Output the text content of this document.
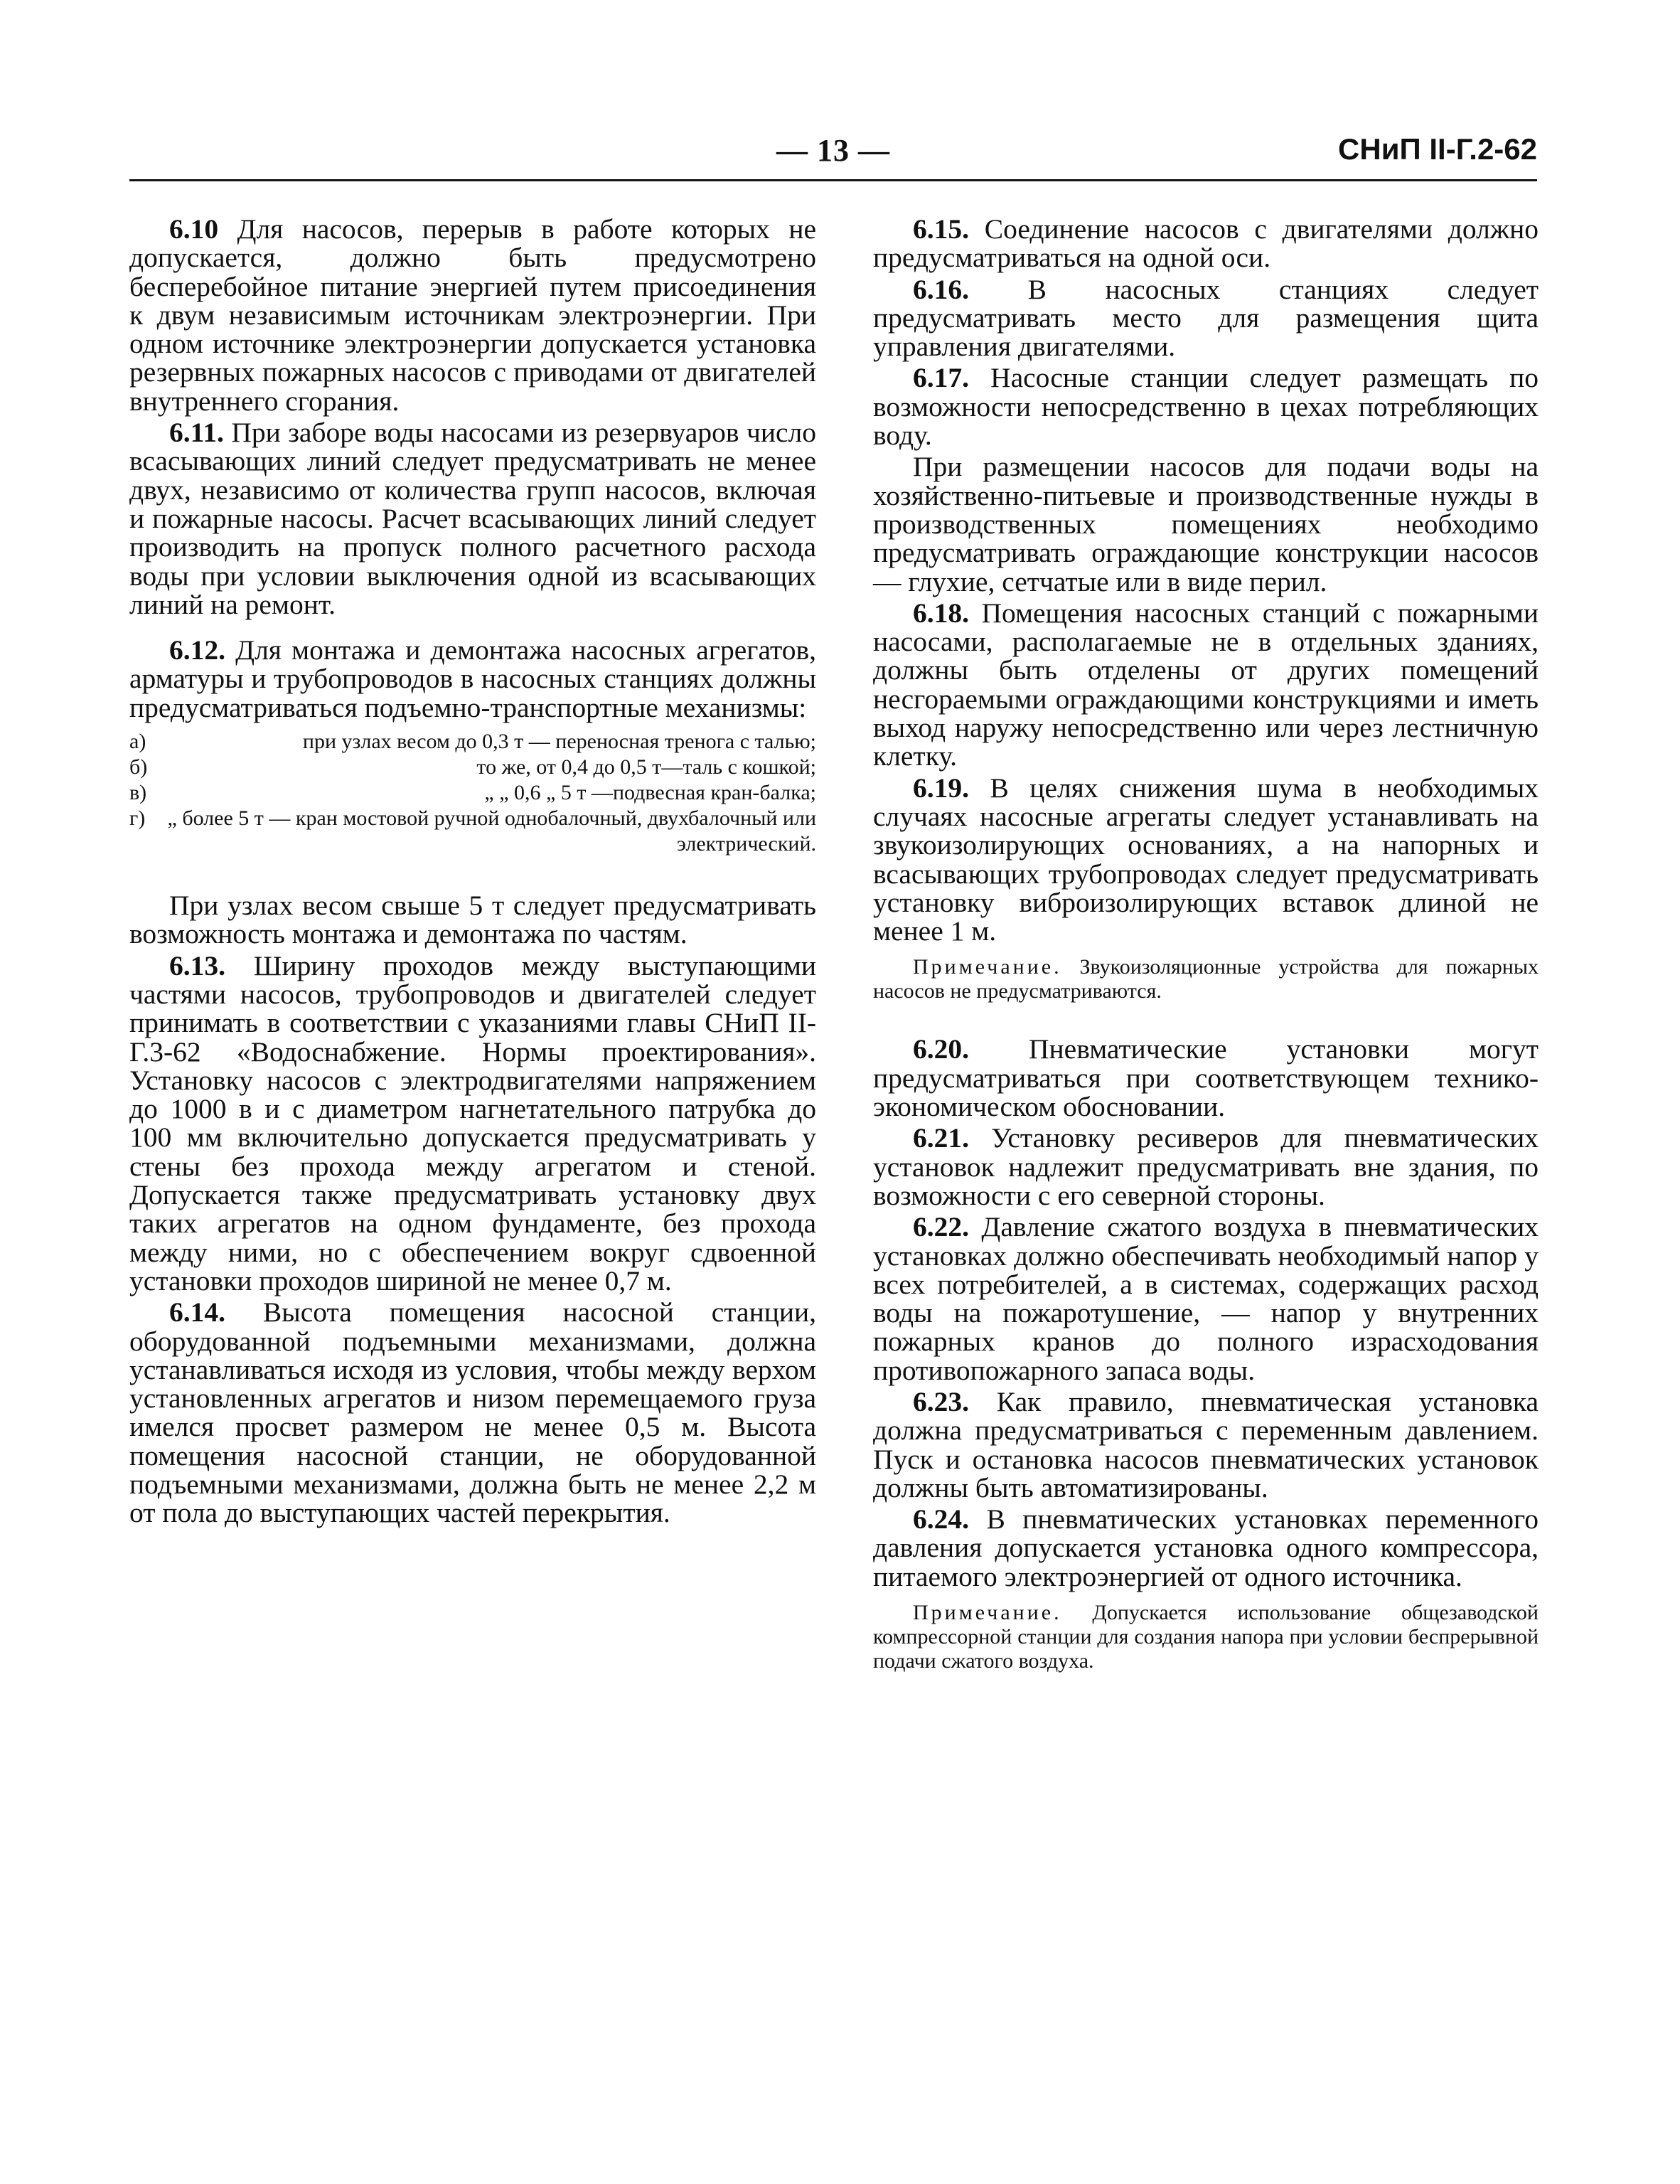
— 13 —	СНиП II-Г.2-62

6.10 Для насосов, перерыв в работе которых не допускается, должно быть предусмотрено бесперебойное питание энергией путем присоединения к двум независимым источникам электроэнергии. При одном источнике электроэнергии допускается установка резервных пожарных насосов с приводами от двигателей внутреннего сгорания.

6.11. При заборе воды насосами из резервуаров число всасывающих линий следует предусматривать не менее двух, независимо от количества групп насосов, включая и пожарные насосы. Расчет всасывающих линий следует производить на пропуск полного расчетного расхода воды при условии выключения одной из всасывающих линий на ремонт.

6.12. Для монтажа и демонтажа насосных агрегатов, арматуры и трубопроводов в насосных станциях должны предусматриваться подъемно-транспортные механизмы:

а)	при узлах весом до 0,3 т — переносная тренога с талью;
б)	то же, от 0,4 до 0,5 т—таль с кошкой;
в)	„ „ 0,6 „ 5 т —подвесная кран-балка;
г)	„ более 5 т — кран мостовой ручной однобалочный, двухбалочный или электрический.

При узлах весом свыше 5 т следует предусматривать возможность монтажа и демонтажа по частям.

6.13. Ширину проходов между выступающими частями насосов, трубопроводов и двигателей следует принимать в соответствии с указаниями главы СНиП II-Г.3-62 «Водоснабжение. Нормы проектирования». Установку насосов с электродвигателями напряжением до 1000 в и с диаметром нагнетательного патрубка до 100 мм включительно допускается предусматривать у стены без прохода между агрегатом и стеной. Допускается также предусматривать установку двух таких агрегатов на одном фундаменте, без прохода между ними, но с обеспечением вокруг сдвоенной установки проходов шириной не менее 0,7 м.

6.14. Высота помещения насосной станции, оборудованной подъемными механизмами, должна устанавливаться исходя из условия, чтобы между верхом установленных агрегатов и низом перемещаемого груза имелся просвет размером не менее 0,5 м. Высота помещения насосной станции, не оборудованной подъемными механизмами, должна быть не менее 2,2 м от пола до выступающих частей перекрытия.

6.15. Соединение насосов с двигателями должно предусматриваться на одной оси.

6.16. В насосных станциях следует предусматривать место для размещения щита управления двигателями.

6.17. Насосные станции следует размещать по возможности непосредственно в цехах потребляющих воду.

При размещении насосов для подачи воды на хозяйственно-питьевые и производственные нужды в производственных помещениях необходимо предусматривать ограждающие конструкции насосов — глухие, сетчатые или в виде перил.

6.18. Помещения насосных станций с пожарными насосами, располагаемые не в отдельных зданиях, должны быть отделены от других помещений несгораемыми ограждающими конструкциями и иметь выход наружу непосредственно или через лестничную клетку.

6.19. В целях снижения шума в необходимых случаях насосные агрегаты следует устанавливать на звукоизолирующих основаниях, а на напорных и всасывающих трубопроводах следует предусматривать установку виброизолирующих вставок длиной не менее 1 м.

Примечание. Звукоизоляционные устройства для пожарных насосов не предусматриваются.

6.20. Пневматические установки могут предусматриваться при соответствующем технико-экономическом обосновании.

6.21. Установку ресиверов для пневматических установок надлежит предусматривать вне здания, по возможности с его северной стороны.

6.22. Давление сжатого воздуха в пневматических установках должно обеспечивать необходимый напор у всех потребителей, а в системах, содержащих расход воды на пожаротушение, — напор у внутренних пожарных кранов до полного израсходования противопожарного запаса воды.

6.23. Как правило, пневматическая установка должна предусматриваться с переменным давлением. Пуск и остановка насосов пневматических установок должны быть автоматизированы.

6.24. В пневматических установках переменного давления допускается установка одного компрессора, питаемого электроэнергией от одного источника.

Примечание. Допускается использование общезаводской компрессорной станции для создания напора при условии беспрерывной подачи сжатого воздуха.
